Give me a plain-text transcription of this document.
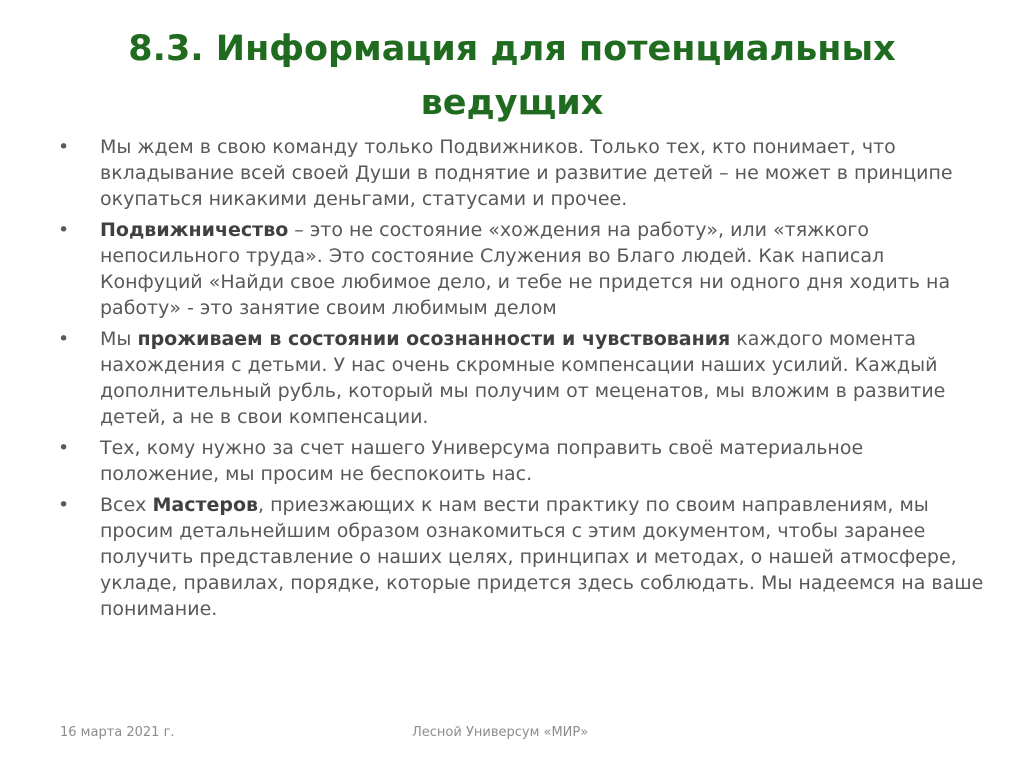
8.3. Информация для потенциальных
ведущих
•	Мы ждем в свою команду только Подвижников. Только тех, кто понимает, что вкладывание всей своей Души в поднятие и развитие детей – не может в принципе окупаться никакими деньгами, статусами и прочее.
•	Подвижничество – это не состояние «хождения на работу», или «тяжкого непосильного труда». Это состояние Служения во Благо людей. Как написал Конфуций «Найди свое любимое дело, и тебе не придется ни одного дня ходить на работу» - это занятие своим любимым делом
•	Мы проживаем в состоянии осознанности и чувствования каждого момента нахождения с детьми. У нас очень скромные компенсации наших усилий. Каждый дополнительный рубль, который мы получим от меценатов, мы вложим в развитие детей, а не в свои компенсации.
•	Тех, кому нужно за счет нашего Универсума поправить своё материальное положение, мы просим не беспокоить нас.
•	Всех Мастеров, приезжающих к нам вести практику по своим направлениям, мы просим детальнейшим образом ознакомиться с этим документом, чтобы заранее получить представление о наших целях, принципах и методах, о нашей атмосфере, укладе, правилах, порядке, которые придется здесь соблюдать. Мы надеемся на ваше понимание.
16 марта 2021 г.	Лесной Универсум «МИР»
